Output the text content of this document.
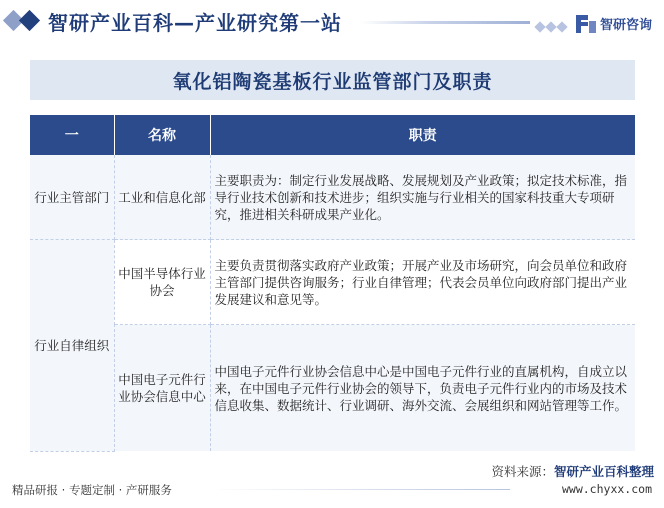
智研产业百科—产业研究第一站	智研咨询
氧化铝陶瓷基板行业监管部门及职责
一	名称	职责
行业主管部门	工业和信息化部	主要职责为：制定行业发展战略、发展规划及产业政策；拟定技术标准，指导行业技术创新和技术进步；组织实施与行业相关的国家科技重大专项研究，推进相关科研成果产业化。
行业自律组织	中国半导体行业协会	主要负责贯彻落实政府产业政策；开展产业及市场研究，向会员单位和政府主管部门提供咨询服务；行业自律管理；代表会员单位向政府部门提出产业发展建议和意见等。
	中国电子元件行业协会信息中心	中国电子元件行业协会信息中心是中国电子元件行业的直属机构，自成立以来，在中国电子元件行业协会的领导下，负责电子元件行业内的市场及技术信息收集、数据统计、行业调研、海外交流、会展组织和网站管理等工作。
资料来源：智研产业百科整理
精品研报 · 专题定制 · 产研服务	www.chyxx.com
